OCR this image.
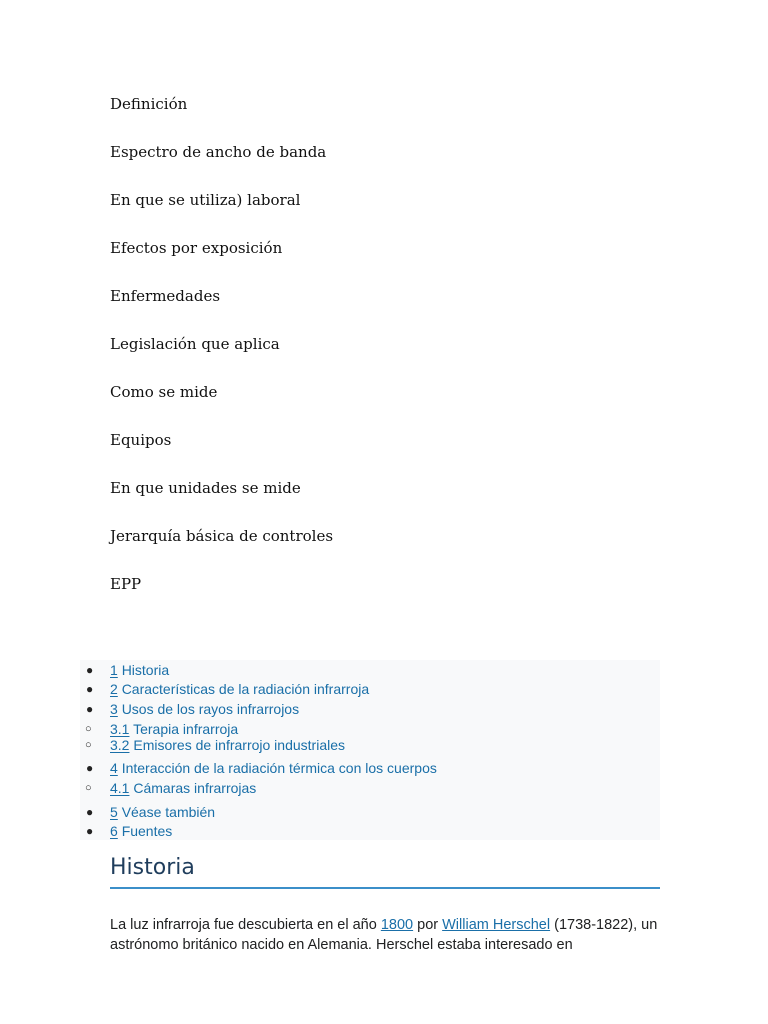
Definición
Espectro de ancho de banda
En que se utiliza) laboral
Efectos por exposición
Enfermedades
Legislación que aplica
Como se mide
Equipos
En que unidades se mide
Jerarquía básica de controles
EPP
● 1 Historia
● 2 Características de la radiación infrarroja
● 3 Usos de los rayos infrarrojos
○ 3.1 Terapia infrarroja
○ 3.2 Emisores de infrarrojo industriales
● 4 Interacción de la radiación térmica con los cuerpos
○ 4.1 Cámaras infrarrojas
● 5 Véase también
● 6 Fuentes
Historia

La luz infrarroja fue descubierta en el año 1800 por William Herschel (1738-1822), un astrónomo británico nacido en Alemania. Herschel estaba interesado en
